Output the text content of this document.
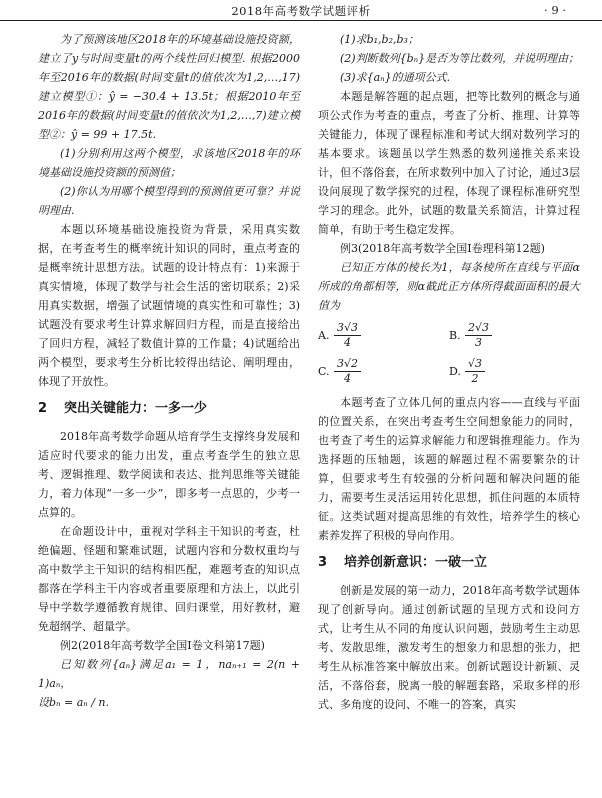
2018年高考数学试题评析	· 9 ·

为了预测该地区2018年的环境基础设施投资额，建立了y与时间变量t的两个线性回归模型. 根据2000年至2016年的数据(时间变量t的值依次为1,2,…,17)建立模型①：ŷ = −30.4 + 13.5t；根据2010年至2016年的数据(时间变量t的值依次为1,2,…,7)建立模型②：ŷ = 99 + 17.5t.

(1)分别利用这两个模型，求该地区2018年的环境基础设施投资额的预测值；

(2)你认为用哪个模型得到的预测值更可靠？并说明理由.

本题以环境基础设施投资为背景，采用真实数据，在考查考生的概率统计知识的同时，重点考查的是概率统计思想方法。试题的设计特点有：1)来源于真实情境，体现了数学与社会生活的密切联系；2)采用真实数据，增强了试题情境的真实性和可靠性；3)试题没有要求考生计算求解回归方程，而是直接给出了回归方程，减轻了数值计算的工作量；4)试题给出两个模型，要求考生分析比较得出结论、阐明理由，体现了开放性。

2 突出关键能力：一多一少

2018年高考数学命题从培育学生支撑终身发展和适应时代要求的能力出发，重点考查学生的独立思考、逻辑推理、数学阅读和表达、批判思维等关键能力，着力体现“一多一少”，即多考一点思的，少考一点算的。

在命题设计中，重视对学科主干知识的考查，杜绝偏题、怪题和繁难试题，试题内容和分数权重均与高中数学主干知识的结构相匹配，难题考查的知识点都落在学科主干内容或者重要原理和方法上，以此引导中学数学遵循教育规律、回归课堂，用好教材，避免超纲学、超量学。

例2(2018年高考数学全国Ⅰ卷文科第17题)

已知数列{aₙ}满足a₁ = 1，naₙ₊₁ = 2(n + 1)aₙ，

设bₙ = aₙ / n.

(1)求b₁,b₂,b₃；

(2)判断数列{bₙ}是否为等比数列，并说明理由；

(3)求{aₙ}的通项公式.

本题是解答题的起点题，把等比数列的概念与通项公式作为考查的重点，考查了分析、推理、计算等关键能力，体现了课程标准和考试大纲对数列学习的基本要求。该题虽以学生熟悉的数列递推关系来设计，但不落俗套，在所求数列中加入了讨论，通过3层设问展现了数学探究的过程，体现了课程标准研究型学习的理念。此外，试题的数量关系简洁，计算过程简单，有助于考生稳定发挥。

例3(2018年高考数学全国Ⅰ卷理科第12题)

已知正方体的棱长为1，每条棱所在直线与平面α所成的角都相等，则α截此正方体所得截面面积的最大值为

A. $\frac{3√3}{4}$	B. $\frac{2√3}{3}$
C. $\frac{3√2}{4}$	D. $\frac{√3}{2}$

本题考查了立体几何的重点内容——直线与平面的位置关系，在突出考查考生空间想象能力的同时，也考查了考生的运算求解能力和逻辑推理能力。作为选择题的压轴题，该题的解题过程不需要繁杂的计算，但要求考生有较强的分析问题和解决问题的能力，需要考生灵活运用转化思想，抓住问题的本质特征。这类试题对提高思维的有效性，培养学生的核心素养发挥了积极的导向作用。

3 培养创新意识：一破一立

创新是发展的第一动力，2018年高考数学试题体现了创新导向。通过创新试题的呈现方式和设问方式，让考生从不同的角度认识问题，鼓励考生主动思考、发散思维，激发考生的想象力和思想的张力，把考生从标准答案中解放出来。创新试题设计新颖、灵活，不落俗套，脱离一般的解题套路，采取多样的形式、多角度的设问、不唯一的答案，真实
